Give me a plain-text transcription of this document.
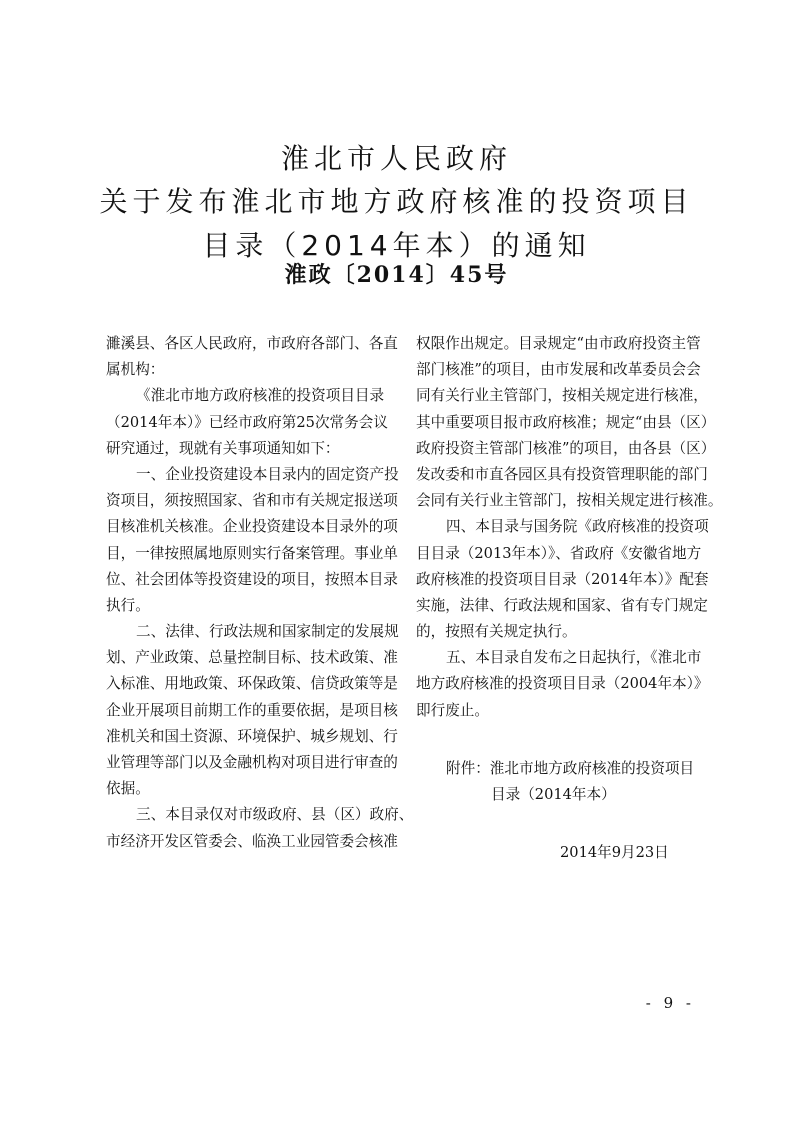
淮北市人民政府
关于发布淮北市地方政府核准的投资项目
目录（2014年本）的通知
淮政〔2014〕45号
濉溪县、各区人民政府，市政府各部门、各直
属机构：
《淮北市地方政府核准的投资项目目录
（2014年本）》已经市政府第25次常务会议
研究通过，现就有关事项通知如下：
一、企业投资建设本目录内的固定资产投
资项目，须按照国家、省和市有关规定报送项
目核准机关核准。企业投资建设本目录外的项
目，一律按照属地原则实行备案管理。事业单
位、社会团体等投资建设的项目，按照本目录
执行。
二、法律、行政法规和国家制定的发展规
划、产业政策、总量控制目标、技术政策、准
入标准、用地政策、环保政策、信贷政策等是
企业开展项目前期工作的重要依据，是项目核
准机关和国土资源、环境保护、城乡规划、行
业管理等部门以及金融机构对项目进行审查的
依据。
三、本目录仅对市级政府、县（区）政府、
市经济开发区管委会、临涣工业园管委会核准
权限作出规定。目录规定“由市政府投资主管
部门核准”的项目，由市发展和改革委员会会
同有关行业主管部门，按相关规定进行核准，
其中重要项目报市政府核准；规定“由县（区）
政府投资主管部门核准”的项目，由各县（区）
发改委和市直各园区具有投资管理职能的部门
会同有关行业主管部门，按相关规定进行核准。
四、本目录与国务院《政府核准的投资项
目目录（2013年本）》、省政府《安徽省地方
政府核准的投资项目目录（2014年本）》配套
实施，法律、行政法规和国家、省有专门规定
的，按照有关规定执行。
五、本目录自发布之日起执行，《淮北市
地方政府核准的投资项目目录（2004年本）》
即行废止。
附件：淮北市地方政府核准的投资项目
目录（2014年本）
2014年9月23日
- 9 -
